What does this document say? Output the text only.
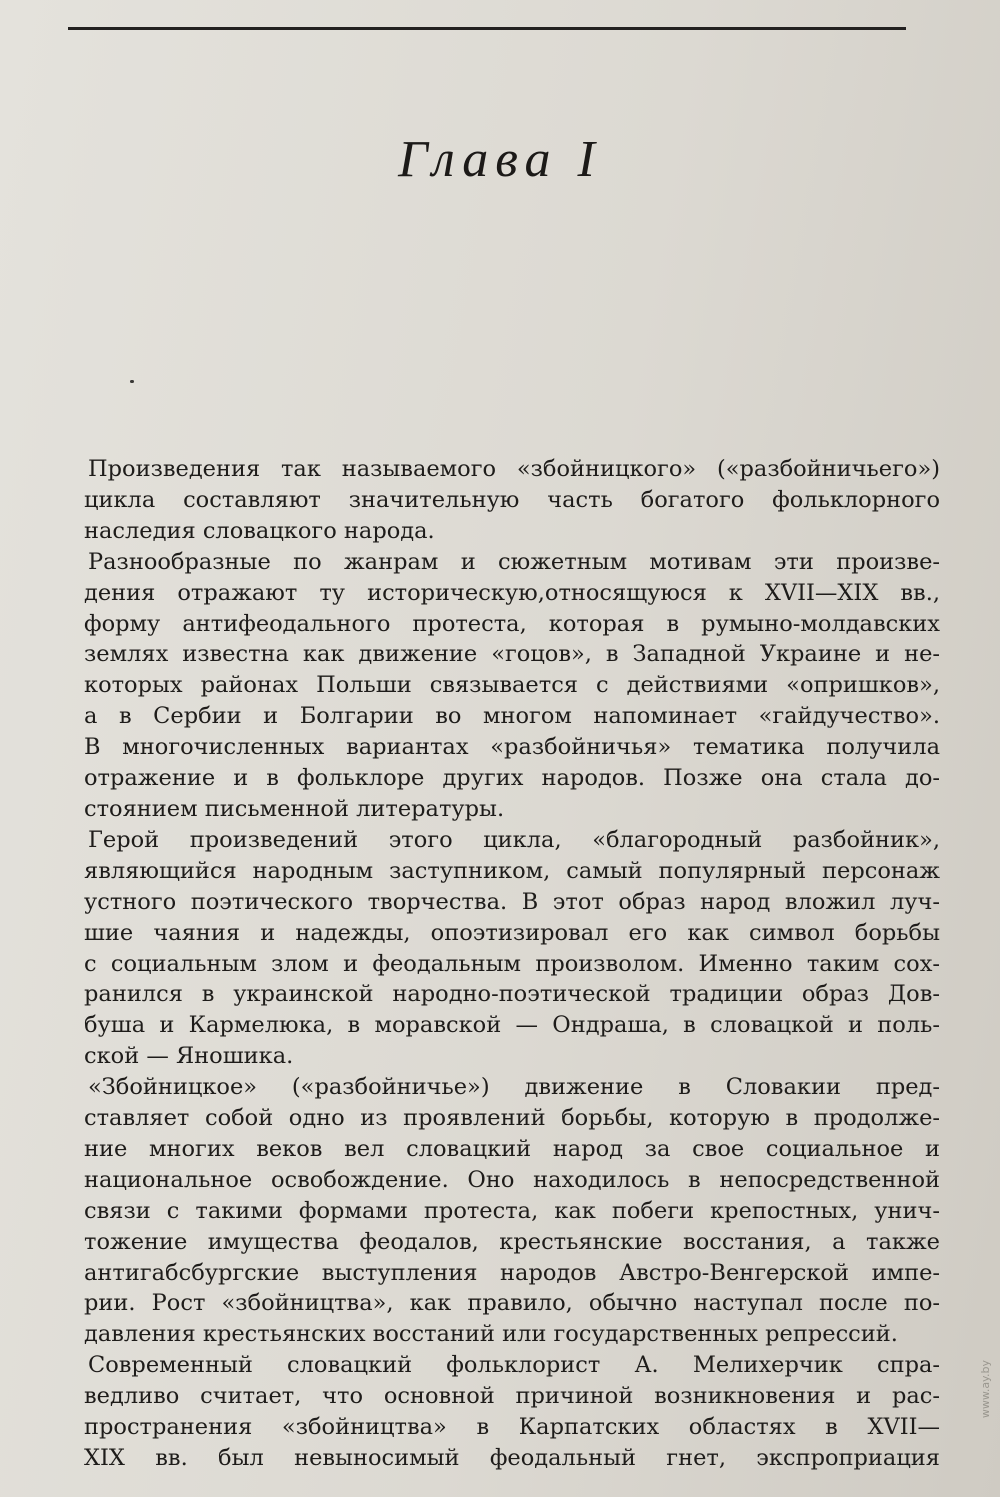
Глава I
Произведения так называемого «збойницкого» («разбойничьего»)
цикла составляют значительную часть богатого фольклорного
наследия словацкого народа.
Разнообразные по жанрам и сюжетным мотивам эти произве-
дения отражают ту историческую,относящуюся к XVII—XIX вв.,
форму антифеодального протеста, которая в румыно-молдавских
землях известна как движение «гоцов», в Западной Украине и не-
которых районах Польши связывается с действиями «опришков»,
а в Сербии и Болгарии во многом напоминает «гайдучество».
В многочисленных вариантах «разбойничья» тематика получила
отражение и в фольклоре других народов. Позже она стала до-
стоянием письменной литературы.
Герой произведений этого цикла, «благородный разбойник»,
являющийся народным заступником, самый популярный персонаж
устного поэтического творчества. В этот образ народ вложил луч-
шие чаяния и надежды, опоэтизировал его как символ борьбы
с социальным злом и феодальным произволом. Именно таким сох-
ранился в украинской народно-поэтической традиции образ Дов-
буша и Кармелюка, в моравской — Ондраша, в словацкой и поль-
ской — Яношика.
«Збойницкое» («разбойничье») движение в Словакии пред-
ставляет собой одно из проявлений борьбы, которую в продолже-
ние многих веков вел словацкий народ за свое социальное и
национальное освобождение. Оно находилось в непосредственной
связи с такими формами протеста, как побеги крепостных, унич-
тожение имущества феодалов, крестьянские восстания, а также
антигабсбургские выступления народов Австро-Венгерской импе-
рии. Рост «збойництва», как правило, обычно наступал после по-
давления крестьянских восстаний или государственных репрессий.
Современный словацкий фольклорист А. Мелихерчик спра-
ведливо считает, что основной причиной возникновения и рас-
пространения «збойництва» в Карпатских областях в XVII—
XIX вв. был невыносимый феодальный гнет, экспроприация
www.ay.by
